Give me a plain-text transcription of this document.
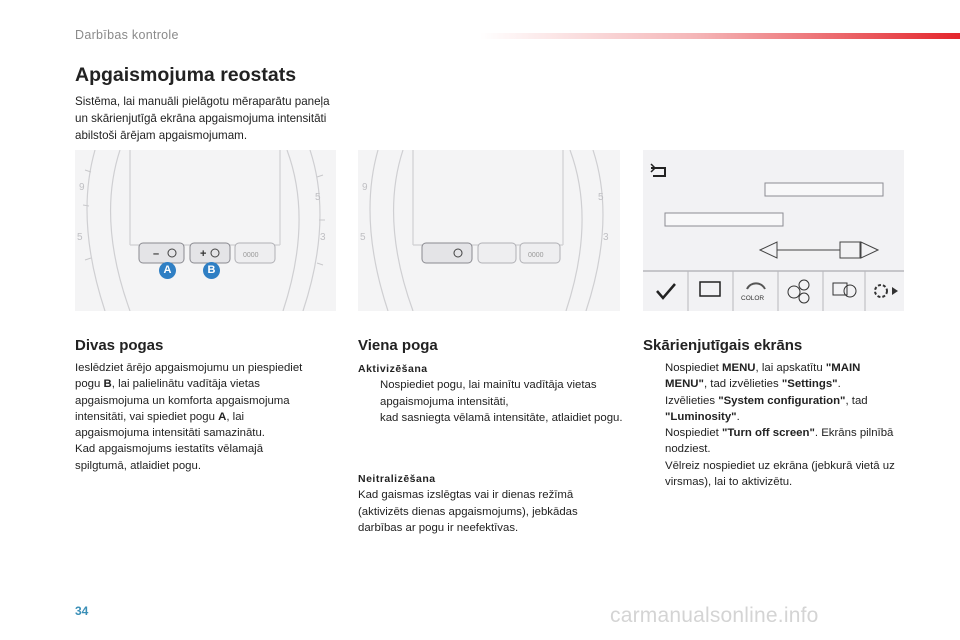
Darbības kontrole
Apgaismojuma reostats
Sistēma, lai manuāli pielāgotu mēraparātu paneļa un skārienjutīgā ekrāna apgaismojuma intensitāti abilstoši ārējam apgaismojumam.
9
5
5
3
–	+	0000
A	B
9
5
5
3
0000
COLOR
Divas pogas
Ieslēdziet ārējo apgaismojumu un piespiediet
pogu B, lai palielinātu vadītāja vietas
apgaismojuma un komforta apgaismojuma
intensitāti, vai spiediet pogu A, lai
apgaismojuma intensitāti samazinātu.
Kad apgaismojums iestatīts vēlamajā
spilgtumā, atlaidiet pogu.
Viena poga
Aktivizēšana
Nospiediet pogu, lai mainītu vadītāja vietas apgaismojuma intensitāti,
kad sasniegta vēlamā intensitāte, atlaidiet pogu.
Neitralizēšana
Kad gaismas izslēgtas vai ir dienas režīmā (aktivizēts dienas apgaismojums), jebkādas darbības ar pogu ir neefektīvas.
Skārienjutīgais ekrāns
Nospiediet MENU, lai apskatītu "MAIN MENU", tad izvēlieties "Settings".
Izvēlieties "System configuration", tad "Luminosity".
Nospiediet "Turn off screen". Ekrāns pilnībā nodziest.
Vēlreiz nospiediet uz ekrāna (jebkurā vietā uz virsmas), lai to aktivizētu.
34	carmanualsonline.info
